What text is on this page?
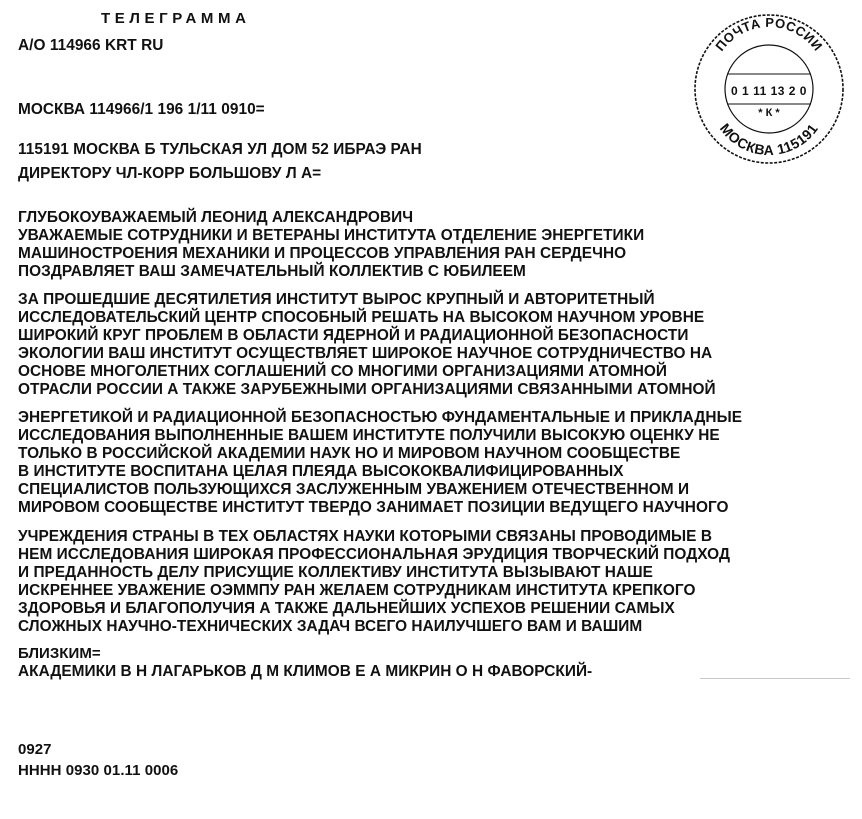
ТЕЛЕГРАММА
А/О 114966 KRT RU
МОСКВА 114966/1 196 1/11 0910=
115191 МОСКВА Б ТУЛЬСКАЯ УЛ ДОМ 52 ИБРАЭ РАН
ДИРЕКТОРУ ЧЛ-КОРР БОЛЬШОВУ Л А=
ГЛУБОКОУВАЖАЕМЫЙ ЛЕОНИД АЛЕКСАНДРОВИЧ
УВАЖАЕМЫЕ СОТРУДНИКИ И ВЕТЕРАНЫ ИНСТИТУТА ОТДЕЛЕНИЕ ЭНЕРГЕТИКИ
МАШИНОСТРОЕНИЯ МЕХАНИКИ И ПРОЦЕССОВ УПРАВЛЕНИЯ РАН СЕРДЕЧНО
ПОЗДРАВЛЯЕТ ВАШ ЗАМЕЧАТЕЛЬНЫЙ КОЛЛЕКТИВ С ЮБИЛЕЕМ
ЗА ПРОШЕДШИЕ ДЕСЯТИЛЕТИЯ ИНСТИТУТ ВЫРОС КРУПНЫЙ И АВТОРИТЕТНЫЙ
ИССЛЕДОВАТЕЛЬСКИЙ ЦЕНТР СПОСОБНЫЙ РЕШАТЬ НА ВЫСОКОМ НАУЧНОМ УРОВНЕ
ШИРОКИЙ КРУГ ПРОБЛЕМ В ОБЛАСТИ ЯДЕРНОЙ И РАДИАЦИОННОЙ БЕЗОПАСНОСТИ
ЭКОЛОГИИ ВАШ ИНСТИТУТ ОСУЩЕСТВЛЯЕТ ШИРОКОЕ НАУЧНОЕ СОТРУДНИЧЕСТВО НА
ОСНОВЕ МНОГОЛЕТНИХ СОГЛАШЕНИЙ СО МНОГИМИ ОРГАНИЗАЦИЯМИ АТОМНОЙ
ОТРАСЛИ РОССИИ А ТАКЖЕ ЗАРУБЕЖНЫМИ ОРГАНИЗАЦИЯМИ СВЯЗАННЫМИ АТОМНОЙ
ЭНЕРГЕТИКОЙ И РАДИАЦИОННОЙ БЕЗОПАСНОСТЬЮ ФУНДАМЕНТАЛЬНЫЕ И ПРИКЛАДНЫЕ
ИССЛЕДОВАНИЯ ВЫПОЛНЕННЫЕ ВАШЕМ ИНСТИТУТЕ ПОЛУЧИЛИ ВЫСОКУЮ ОЦЕНКУ НЕ
ТОЛЬКО В РОССИЙСКОЙ АКАДЕМИИ НАУК НО И МИРОВОМ НАУЧНОМ СООБЩЕСТВЕ
В ИНСТИТУТЕ ВОСПИТАНА ЦЕЛАЯ ПЛЕЯДА ВЫСОКОКВАЛИФИЦИРОВАННЫХ
СПЕЦИАЛИСТОВ ПОЛЬЗУЮЩИХСЯ ЗАСЛУЖЕННЫМ УВАЖЕНИЕМ ОТЕЧЕСТВЕННОМ И
МИРОВОМ СООБЩЕСТВЕ ИНСТИТУТ ТВЕРДО ЗАНИМАЕТ ПОЗИЦИИ ВЕДУЩЕГО НАУЧНОГО
УЧРЕЖДЕНИЯ СТРАНЫ В ТЕХ ОБЛАСТЯХ НАУКИ КОТОРЫМИ СВЯЗАНЫ ПРОВОДИМЫЕ В
НЕМ ИССЛЕДОВАНИЯ ШИРОКАЯ ПРОФЕССИОНАЛЬНАЯ ЭРУДИЦИЯ ТВОРЧЕСКИЙ ПОДХОД
И ПРЕДАННОСТЬ ДЕЛУ ПРИСУЩИЕ КОЛЛЕКТИВУ ИНСТИТУТА ВЫЗЫВАЮТ НАШЕ
ИСКРЕННЕЕ УВАЖЕНИЕ ОЭММПУ РАН ЖЕЛАЕМ СОТРУДНИКАМ ИНСТИТУТА КРЕПКОГО
ЗДОРОВЬЯ И БЛАГОПОЛУЧИЯ А ТАКЖЕ ДАЛЬНЕЙШИХ УСПЕХОВ РЕШЕНИИ САМЫХ
СЛОЖНЫХ НАУЧНО-ТЕХНИЧЕСКИХ ЗАДАЧ ВСЕГО НАИЛУЧШЕГО ВАМ И ВАШИМ
БЛИЗКИМ=
АКАДЕМИКИ В Н ЛАГАРЬКОВ Д М КЛИМОВ Е А МИКРИН О Н ФАВОРСКИЙ-
0927
НННН 0930 01.11 0006
ПОЧТА РОССИИ
0 1 11 13 2 0
* К *
МОСКВА 115191
